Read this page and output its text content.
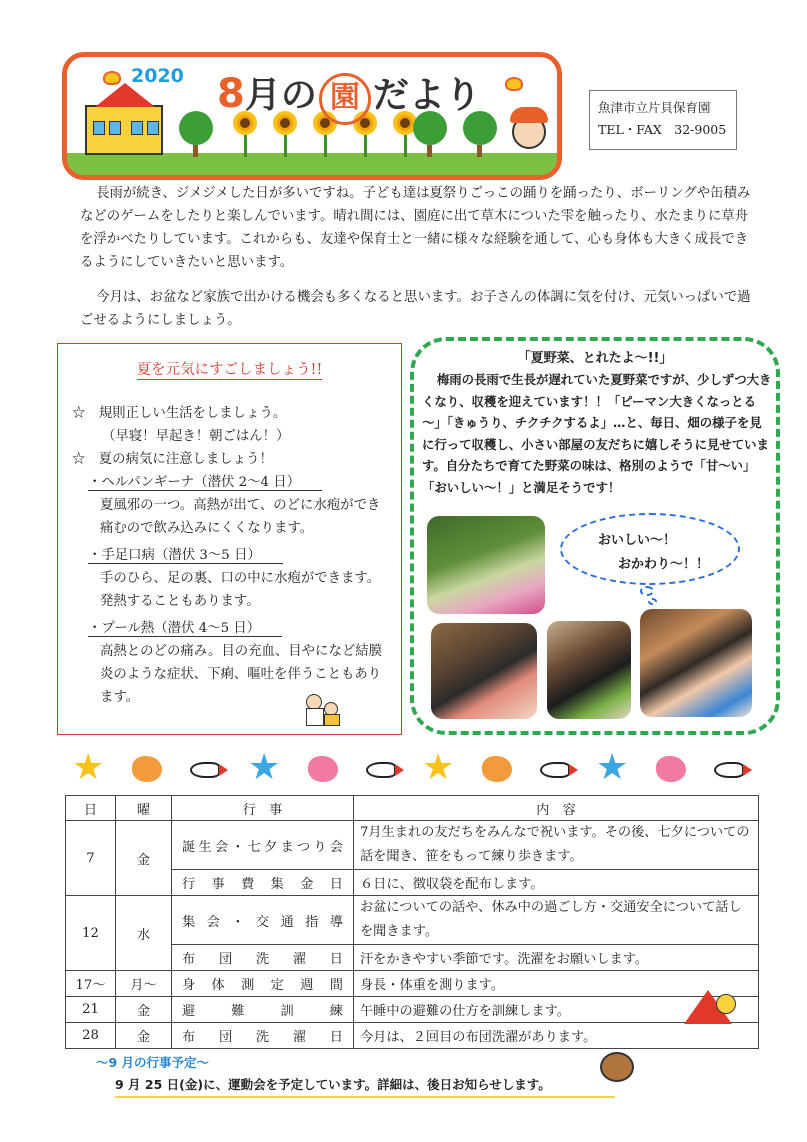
2020 8月の 園 だより	魚津市立片貝保育園
TEL・FAX　32-9005
長雨が続き、ジメジメした日が多いですね。子ども達は夏祭りごっこの踊りを踊ったり、ボーリングや缶積みなどのゲームをしたりと楽しんでいます。晴れ間には、園庭に出て草木についた雫を触ったり、水たまりに草舟を浮かべたりしています。これからも、友達や保育士と一緒に様々な経験を通して、心も身体も大きく成長できるようにしていきたいと思います。
今月は、お盆など家族で出かける機会も多くなると思います。お子さんの体調に気を付け、元気いっぱいで過ごせるようにしましょう。
夏を元気にすごしましょう!!
☆　規則正しい生活をしましょう。
（早寝！早起き！朝ごはん！）
☆　夏の病気に注意しましょう！
・ヘルパンギーナ（潜伏 2～4 日）
夏風邪の一つ。高熱が出て、のどに水疱ができ痛むので飲み込みにくくなります。
・手足口病（潜伏 3～5 日）
手のひら、足の裏、口の中に水疱ができます。発熱することもあります。
・プール熱（潜伏 4～5 日）
高熱とのどの痛み。目の充血、目やになど結膜炎のような症状、下痢、嘔吐を伴うこともあります。
「夏野菜、とれたよ～!!」
梅雨の長雨で生長が遅れていた夏野菜ですが、少しずつ大きくなり、収穫を迎えています！！「ピーマン大きくなっとる～」「きゅうり、チクチクするよ」…と、毎日、畑の様子を見に行って収穫し、小さい部屋の友だちに嬉しそうに見せています。自分たちで育てた野菜の味は、格別のようで「甘～い」「おいしい～！」と満足そうです！
おいしい～！
おかわり～！！
★	★	★	★
日	曜	行　事	内　容
7	金	誕生会・七夕まつり会	7月生まれの友だちをみんなで祝います。その後、七夕についての話を聞き、笹をもって練り歩きます。
		行事費集金日	６日に、徴収袋を配布します。
12	水	集会・交通指導	お盆についての話や、休み中の過ごし方・交通安全について話しを聞きます。
		布団洗濯日	汗をかきやすい季節です。洗濯をお願いします。
17～	月～	身体測定週間	身長・体重を測ります。
21	金	避難訓練	午睡中の避難の仕方を訓練します。
28	金	布団洗濯日	今月は、２回目の布団洗濯があります。
～9 月の行事予定～
9 月 25 日(金)に、運動会を予定しています。詳細は、後日お知らせします。
